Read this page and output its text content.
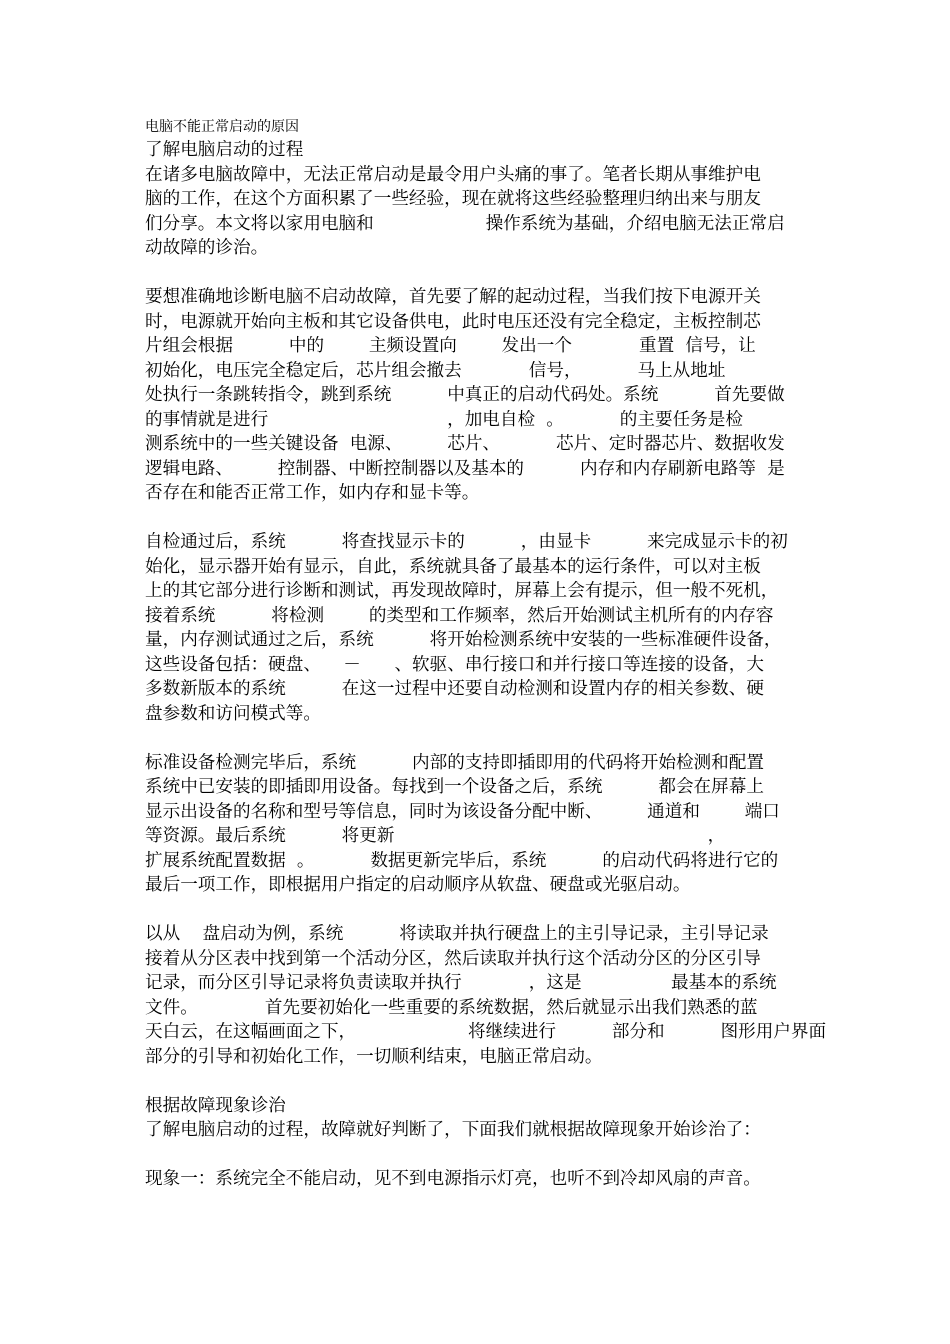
电脑不能正常启动的原因
了解电脑启动的过程
在诸多电脑故障中，无法正常启动是最令用户头痛的事了。笔者长期从事维护电
脑的工作，在这个方面积累了一些经验，现在就将这些经验整理归纳出来与朋友
们分享。本文将以家用电脑和                    操作系统为基础，介绍电脑无法正常启
动故障的诊治。
要想准确地诊断电脑不启动故障，首先要了解的起动过程，当我们按下电源开关
时，电源就开始向主板和其它设备供电，此时电压还没有完全稳定，主板控制芯
片组会根据          中的        主频设置向        发出一个            重置  信号，让
初始化，电压完全稳定后，芯片组会撤去            信号，          马上从地址
处执行一条跳转指令，跳到系统          中真正的启动代码处。系统          首先要做
的事情就是进行                                ，加电自检  。          的主要任务是检
测系统中的一些关键设备  电源、        芯片、          芯片、定时器芯片、数据收发
逻辑电路、        控制器、中断控制器以及基本的          内存和内存刷新电路等  是
否存在和能否正常工作，如内存和显卡等。
自检通过后，系统          将查找显示卡的          ，由显卡          来完成显示卡的初
始化，显示器开始有显示，自此，系统就具备了最基本的运行条件，可以对主板
上的其它部分进行诊断和测试，再发现故障时，屏幕上会有提示，但一般不死机，
接着系统          将检测        的类型和工作频率，然后开始测试主机所有的内存容
量，内存测试通过之后，系统          将开始检测系统中安装的一些标准硬件设备，
这些设备包括：硬盘、    －      、软驱、串行接口和并行接口等连接的设备，大
多数新版本的系统          在这一过程中还要自动检测和设置内存的相关参数、硬
盘参数和访问模式等。
标准设备检测完毕后，系统          内部的支持即插即用的代码将开始检测和配置
系统中已安装的即插即用设备。每找到一个设备之后，系统          都会在屏幕上
显示出设备的名称和型号等信息，同时为该设备分配中断、        通道和        端口
等资源。最后系统          将更新                                                        ，
扩展系统配置数据  。          数据更新完毕后，系统          的启动代码将进行它的
最后一项工作，即根据用户指定的启动顺序从软盘、硬盘或光驱启动。
以从    盘启动为例，系统          将读取并执行硬盘上的主引导记录，主引导记录
接着从分区表中找到第一个活动分区，然后读取并执行这个活动分区的分区引导
记录，而分区引导记录将负责读取并执行            ，这是                最基本的系统
文件。            首先要初始化一些重要的系统数据，然后就显示出我们熟悉的蓝
天白云，在这幅画面之下，                    将继续进行          部分和          图形用户界面
部分的引导和初始化工作，一切顺利结束，电脑正常启动。
根据故障现象诊治
了解电脑启动的过程，故障就好判断了，下面我们就根据故障现象开始诊治了：
现象一：系统完全不能启动，见不到电源指示灯亮，也听不到冷却风扇的声音。
